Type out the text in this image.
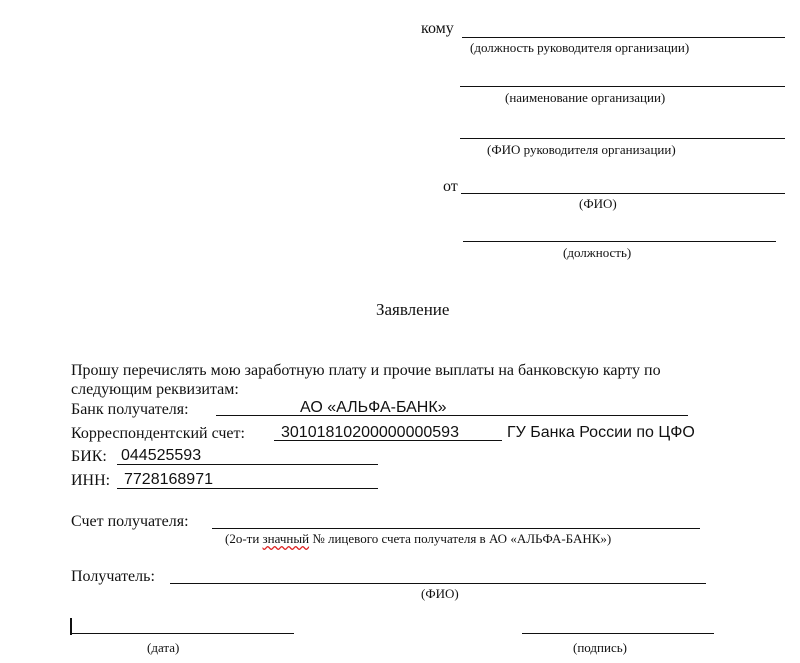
кому
(должность руководителя организации)
(наименование организации)
(ФИО руководителя организации)
от
(ФИО)
(должность)
Заявление
Прошу перечислять мою заработную плату и прочие выплаты на банковскую карту по
следующим реквизитам:
Банк получателя:	АО «АЛЬФА-БАНК»
Корреспондентский счет: 30101810200000000593	ГУ Банка России по ЦФО
БИК: 044525593
ИНН: 7728168971
Счет получателя:
(2о-ти значный № лицевого счета получателя в АО «АЛЬФА-БАНК»)
Получатель:
(ФИО)
(дата)	(подпись)
